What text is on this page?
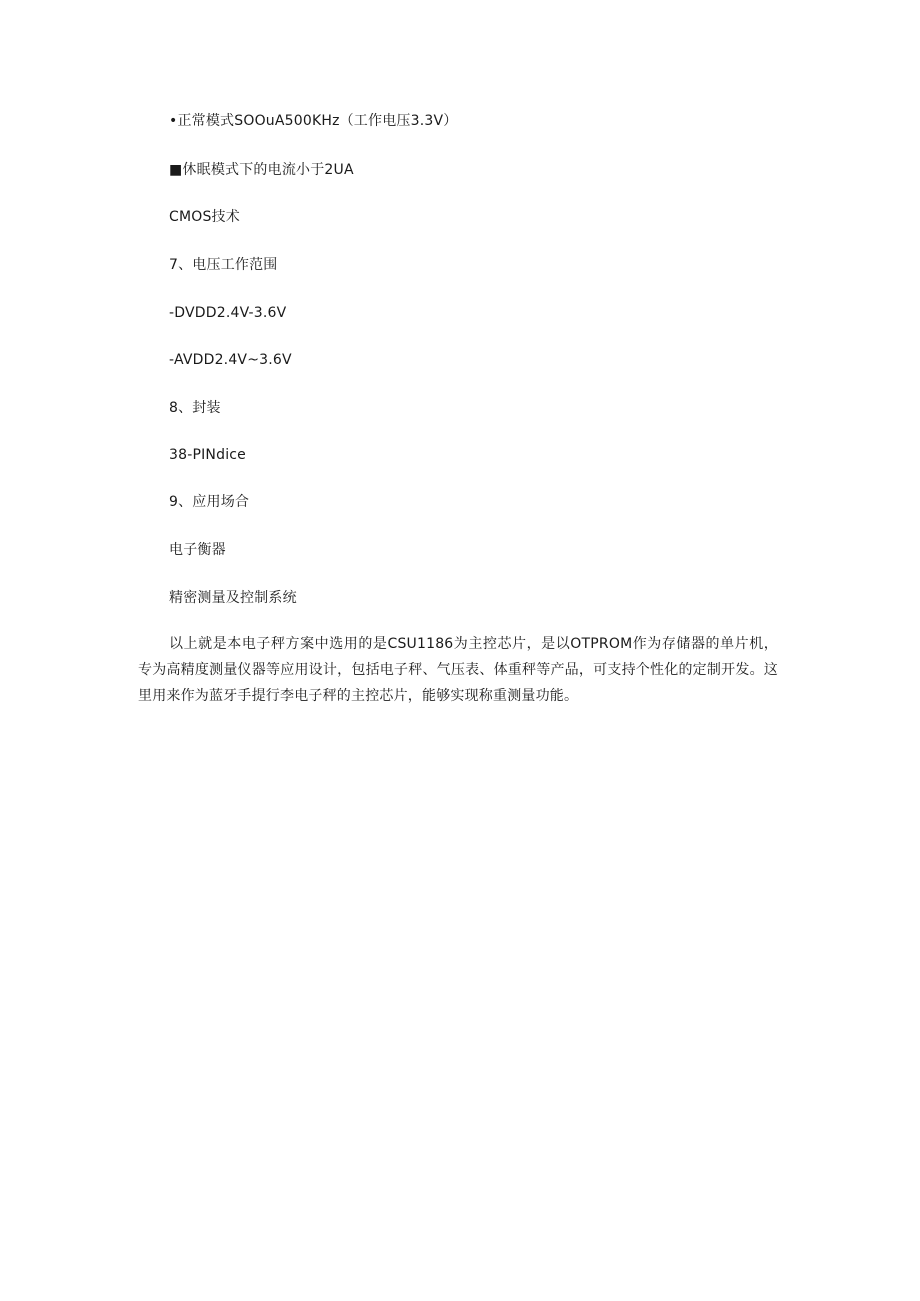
•正常模式SOOuA500KHz（工作电压3.3V）
■休眠模式下的电流小于2UA
CMOS技术
7、电压工作范围
-DVDD2.4V-3.6V
-AVDD2.4V~3.6V
8、封装
38-PINdice
9、应用场合
电子衡器
精密测量及控制系统
以上就是本电子秤方案中选用的是CSU1186为主控芯片，是以OTPROM作为存储器的单片机，专为高精度测量仪器等应用设计，包括电子秤、气压表、体重秤等产品，可支持个性化的定制开发。这里用来作为蓝牙手提行李电子秤的主控芯片，能够实现称重测量功能。
